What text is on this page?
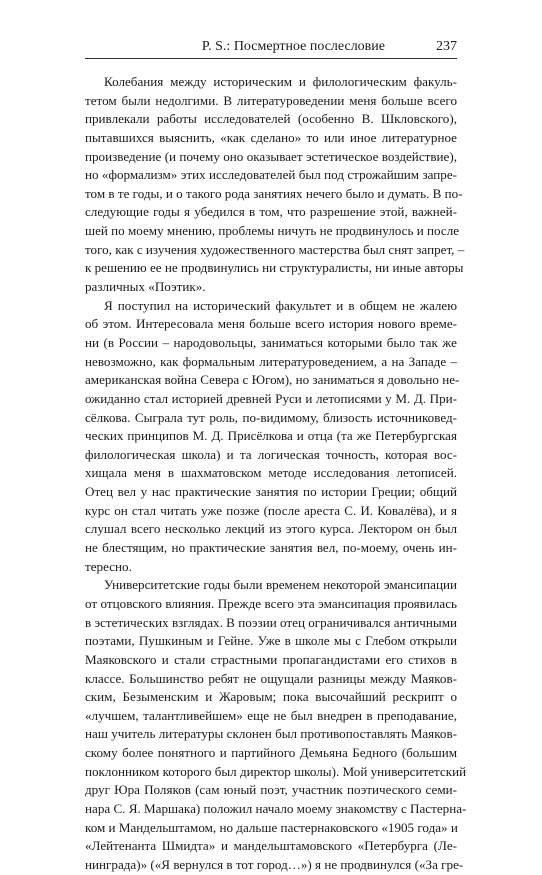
P. S.: Посмертное послесловие	237
Колебания между историческим и филологическим факуль-
тетом были недолгими. В литературоведении меня больше всего
привлекали работы исследователей (особенно В. Шкловского),
пытавшихся выяснить, «как сделано» то или иное литературное
произведение (и почему оно оказывает эстетическое воздействие),
но «формализм» этих исследователей был под строжайшим запре-
том в те годы, и о такого рода занятиях нечего было и думать. В по-
следующие годы я убедился в том, что разрешение этой, важней-
шей по моему мнению, проблемы ничуть не продвинулось и после
того, как с изучения художественного мастерства был снят запрет, –
к решению ее не продвинулись ни структуралисты, ни иные авторы
различных «Поэтик».
Я поступил на исторический факультет и в общем не жалею
об этом. Интересовала меня больше всего история нового време-
ни (в России – народовольцы, заниматься которыми было так же
невозможно, как формальным литературоведением, а на Западе –
американская война Севера с Югом), но заниматься я довольно не-
ожиданно стал историей древней Руси и летописями у М. Д. При-
сёлкова. Сыграла тут роль, по-видимому, близость источниковед-
ческих принципов М. Д. Присёлкова и отца (та же Петербургская
филологическая школа) и та логическая точность, которая вос-
хищала меня в шахматовском методе исследования летописей.
Отец вел у нас практические занятия по истории Греции; общий
курс он стал читать уже позже (после ареста С. И. Ковалёва), и я
слушал всего несколько лекций из этого курса. Лектором он был
не блестящим, но практические занятия вел, по-моему, очень ин-
тересно.
Университетские годы были временем некоторой эмансипации
от отцовского влияния. Прежде всего эта эмансипация проявилась
в эстетических взглядах. В поэзии отец ограничивался античными
поэтами, Пушкиным и Гейне. Уже в школе мы с Глебом открыли
Маяковского и стали страстными пропагандистами его стихов в
классе. Большинство ребят не ощущали разницы между Маяков-
ским, Безыменским и Жаровым; пока высочайший рескрипт о
«лучшем, талантливейшем» еще не был внедрен в преподавание,
наш учитель литературы склонен был противопоставлять Маяков-
скому более понятного и партийного Демьяна Бедного (большим
поклонником которого был директор школы). Мой университетский
друг Юра Поляков (сам юный поэт, участник поэтического семи-
нара С. Я. Маршака) положил начало моему знакомству с Пастерна-
ком и Мандельштамом, но дальше пастернаковского «1905 года» и
«Лейтенанта Шмидта» и мандельштамовского «Петербурга (Ле-
нинграда)» («Я вернулся в тот город…») я не продвинулся («За гре-
